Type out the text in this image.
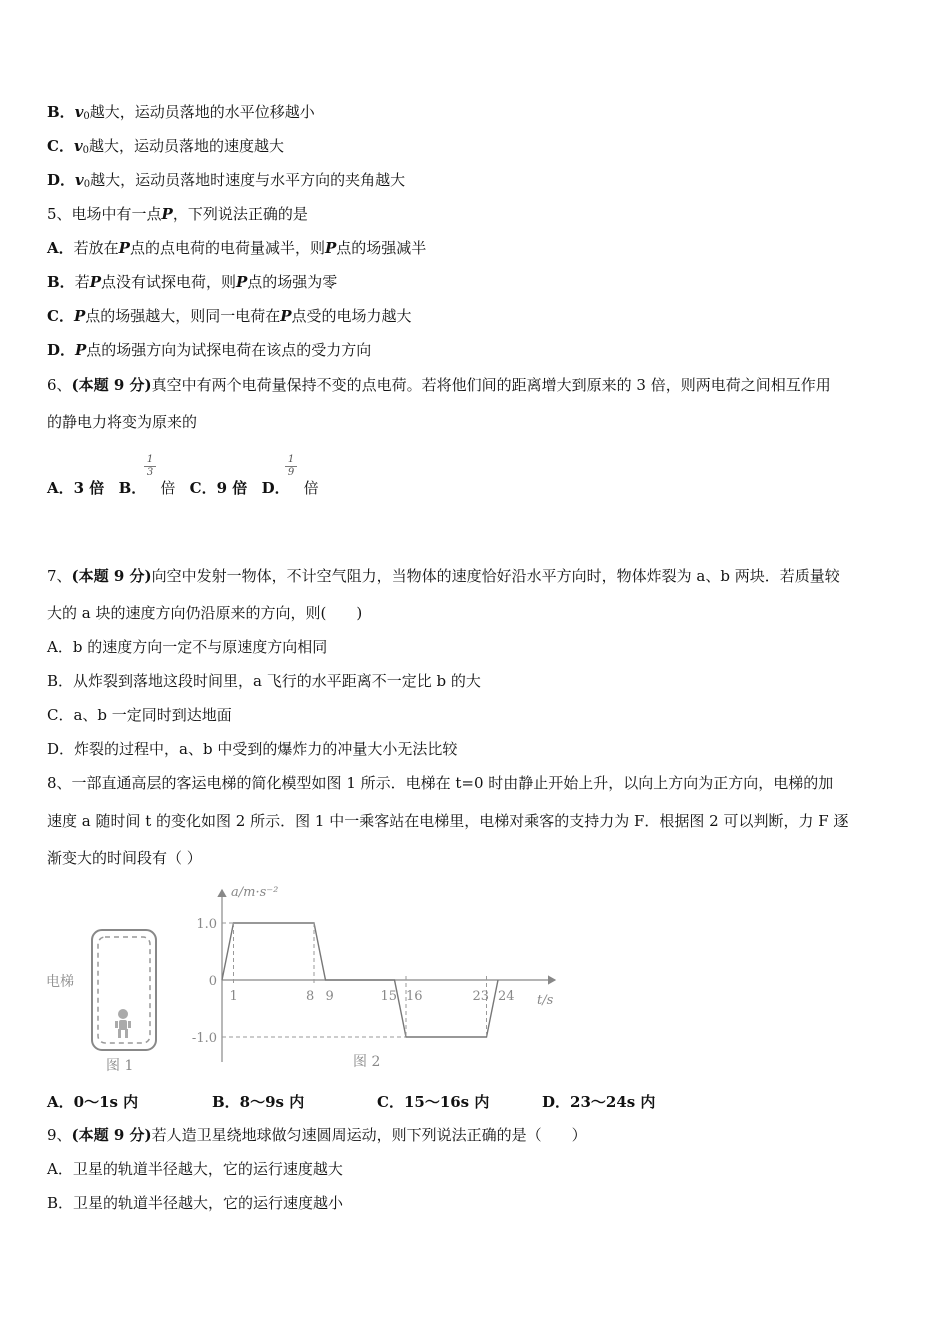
B．v0越大，运动员落地的水平位移越小
C．v0越大，运动员落地的速度越大
D．v0越大，运动员落地时速度与水平方向的夹角越大
5、电场中有一点P，下列说法正确的是
A．若放在P点的点电荷的电荷量减半，则P点的场强减半
B．若P点没有试探电荷，则P点的场强为零
C．P点的场强越大，则同一电荷在P点受的电场力越大
D．P点的场强方向为试探电荷在该点的受力方向
6、(本题 9 分)真空中有两个电荷量保持不变的点电荷。若将他们间的距离增大到原来的 3 倍，则两电荷之间相互作用
的静电力将变为原来的
A．3 倍 B． 倍 C．9 倍 D． 倍
1
3
1
9
7、(本题 9 分)向空中发射一物体，不计空气阻力，当物体的速度恰好沿水平方向时，物体炸裂为 a、b 两块．若质量较
大的 a 块的速度方向仍沿原来的方向，则(　　)
A．b 的速度方向一定不与原速度方向相同
B．从炸裂到落地这段时间里，a 飞行的水平距离不一定比 b 的大
C．a、b 一定同时到达地面
D．炸裂的过程中，a、b 中受到的爆炸力的冲量大小无法比较
8、一部直通高层的客运电梯的简化模型如图 1 所示．电梯在 t=0 时由静止开始上升，以向上方向为正方向，电梯的加
速度 a 随时间 t 的变化如图 2 所示．图 1 中一乘客站在电梯里，电梯对乘客的支持力为 F．根据图 2 可以判断，力 F 逐
渐变大的时间段有（ ）
电梯
图 1
a/m·s⁻²
t/s
1	8 9	15 16	23 24
1.0
0
-1.0
图 2
A．0～1s 内	B．8～9s 内	C．15～16s 内	D．23～24s 内
9、(本题 9 分)若人造卫星绕地球做匀速圆周运动，则下列说法正确的是（　　）
A．卫星的轨道半径越大，它的运行速度越大
B．卫星的轨道半径越大，它的运行速度越小
